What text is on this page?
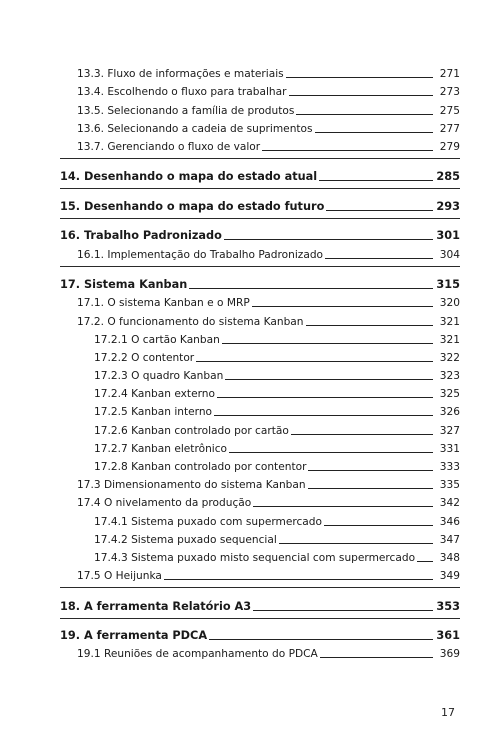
13.3. Fluxo de informações e materiais	271
13.4. Escolhendo o fluxo para trabalhar	273
13.5. Selecionando a família de produtos	275
13.6. Selecionando a cadeia de suprimentos	277
13.7. Gerenciando o fluxo de valor	279
14. Desenhando o mapa do estado atual	285
15. Desenhando o mapa do estado futuro	293
16. Trabalho Padronizado	301
16.1. Implementação do Trabalho Padronizado	304
17. Sistema Kanban	315
17.1. O sistema Kanban e o MRP	320
17.2. O funcionamento do sistema Kanban	321
17.2.1 O cartão Kanban	321
17.2.2 O contentor	322
17.2.3 O quadro Kanban	323
17.2.4 Kanban externo	325
17.2.5 Kanban interno	326
17.2.6 Kanban controlado por cartão	327
17.2.7 Kanban eletrônico	331
17.2.8 Kanban controlado por contentor	333
17.3 Dimensionamento do sistema Kanban	335
17.4 O nivelamento da produção	342
17.4.1 Sistema puxado com supermercado	346
17.4.2 Sistema puxado sequencial	347
17.4.3 Sistema puxado misto sequencial com supermercado	348
17.5 O Heijunka	349
18. A ferramenta Relatório A3	353
19. A ferramenta PDCA	361
19.1 Reuniões de acompanhamento do PDCA	369
17
